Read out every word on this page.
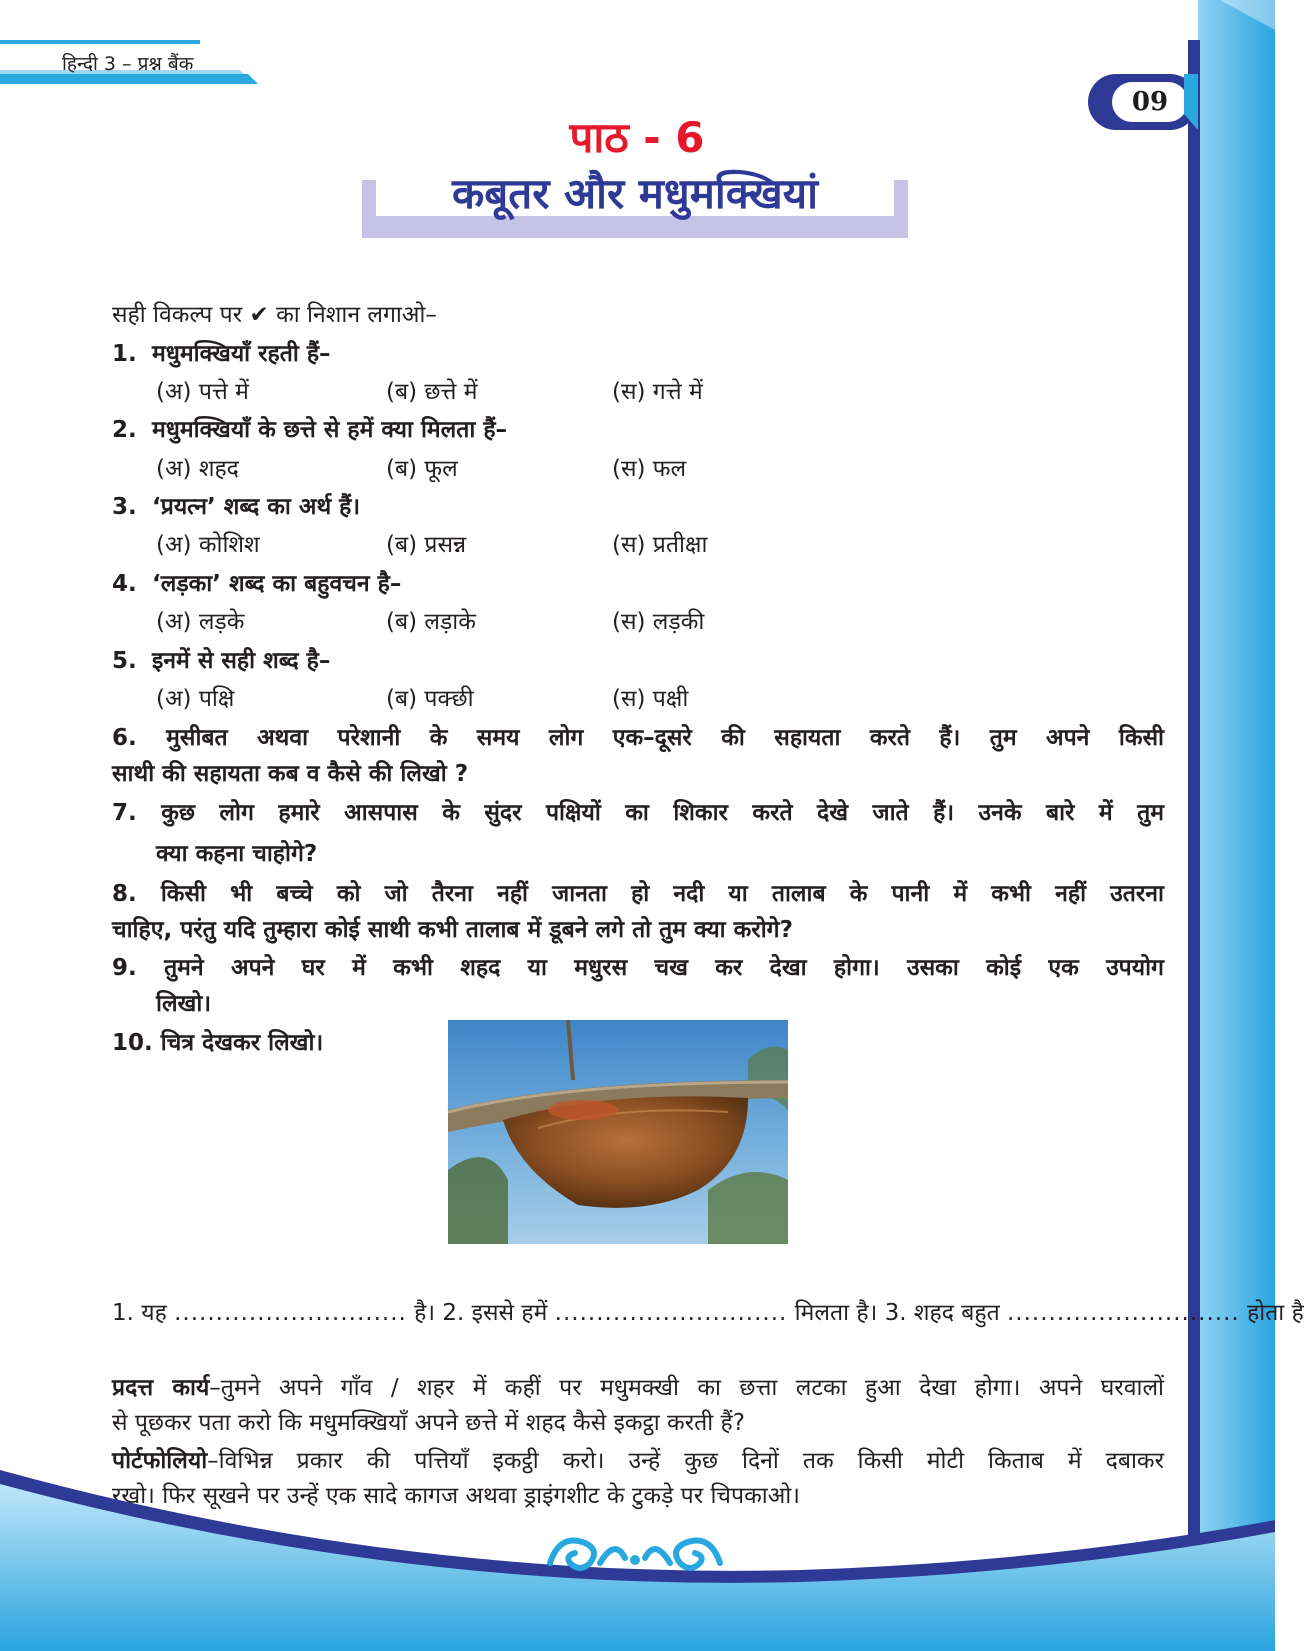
हिन्दी 3 – प्रश्न बैंक
09
पाठ - 6
कबूतर और मधुमक्खियां
सही विकल्प पर ✔ का निशान लगाओ–
1. मधुमक्खियाँ रहती हैं–
(अ) पत्ते में	(ब) छत्ते में	(स) गत्ते में
2. मधुमक्खियाँ के छत्ते से हमें क्या मिलता हैं–
(अ) शहद	(ब) फूल	(स) फल
3. ‘प्रयत्न’ शब्द का अर्थ हैं।
(अ) कोशिश	(ब) प्रसन्न	(स) प्रतीक्षा
4. ‘लड़का’ शब्द का बहुवचन है–
(अ) लड़के	(ब) लड़ाके	(स) लड़की
5. इनमें से सही शब्द है–
(अ) पक्षि	(ब) पक्छी	(स) पक्षी
6. मुसीबत अथवा परेशानी के समय लोग एक–दूसरे की सहायता करते हैं। तुम अपने किसी
साथी की सहायता कब व कैसे की लिखो ?
7. कुछ लोग हमारे आसपास के सुंदर पक्षियों का शिकार करते देखे जाते हैं। उनके बारे में तुम
क्या कहना चाहोगे?
8. किसी भी बच्चे को जो तैरना नहीं जानता हो नदी या तालाब के पानी में कभी नहीं उतरना
चाहिए, परंतु यदि तुम्हारा कोई साथी कभी तालाब में डूबने लगे तो तुम क्या करोगे?
9. तुमने अपने घर में कभी शहद या मधुरस चख कर देखा होगा। उसका कोई एक उपयोग
लिखो।
10. चित्र देखकर लिखो।
1. यह ............................ है। 2. इससे हमें ............................ मिलता है। 3. शहद बहुत ............................ होता है
प्रदत्त कार्य–तुमने अपने गाँव / शहर में कहीं पर मधुमक्खी का छत्ता लटका हुआ देखा होगा। अपने घरवालों
से पूछकर पता करो कि मधुमक्खियाँ अपने छत्ते में शहद कैसे इकट्ठा करती हैं?
पोर्टफोलियो–विभिन्न प्रकार की पत्तियाँ इकट्ठी करो। उन्हें कुछ दिनों तक किसी मोटी किताब में दबाकर
रखो। फिर सूखने पर उन्हें एक सादे कागज अथवा ड्राइंगशीट के टुकड़े पर चिपकाओ।
